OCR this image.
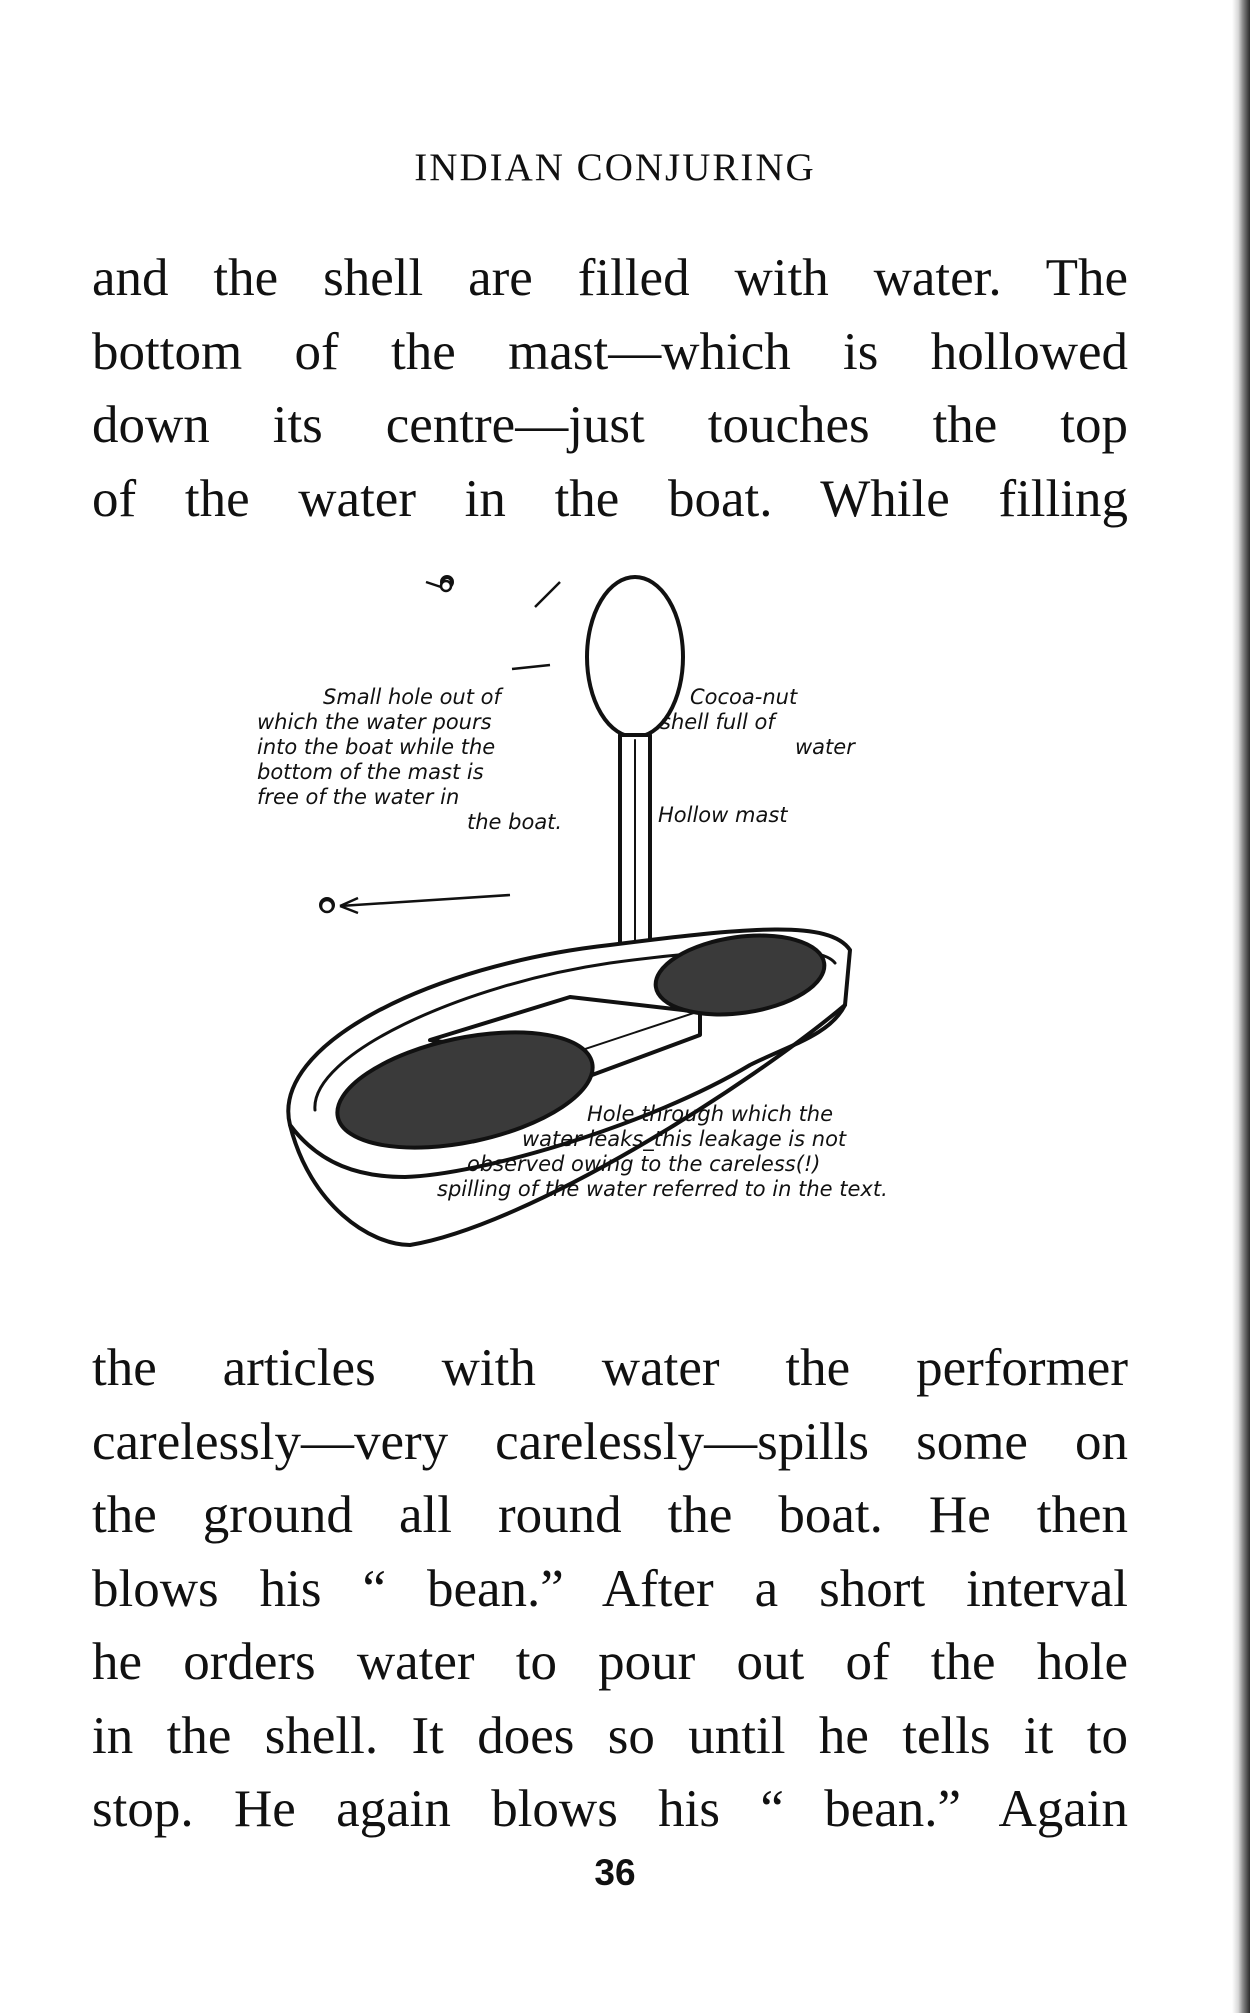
INDIAN CONJURING

and the shell are filled with water. The
bottom of the mast—which is hollowed
down its centre—just touches the top
of the water in the boat. While filling

Small hole out of
which the water pours
into the boat while the
bottom of the mast is
free of the water in
the boat.
Cocoa-nut
shell full of
water
Hollow mast
Hole through which the
water leaks_this leakage is not
observed owing to the careless(!)
spilling of the water referred to in the text.

the articles with water the performer
carelessly—very carelessly—spills some on
the ground all round the boat. He then
blows his “ bean.” After a short interval
he orders water to pour out of the hole
in the shell. It does so until he tells it to
stop. He again blows his “ bean.” Again

36
